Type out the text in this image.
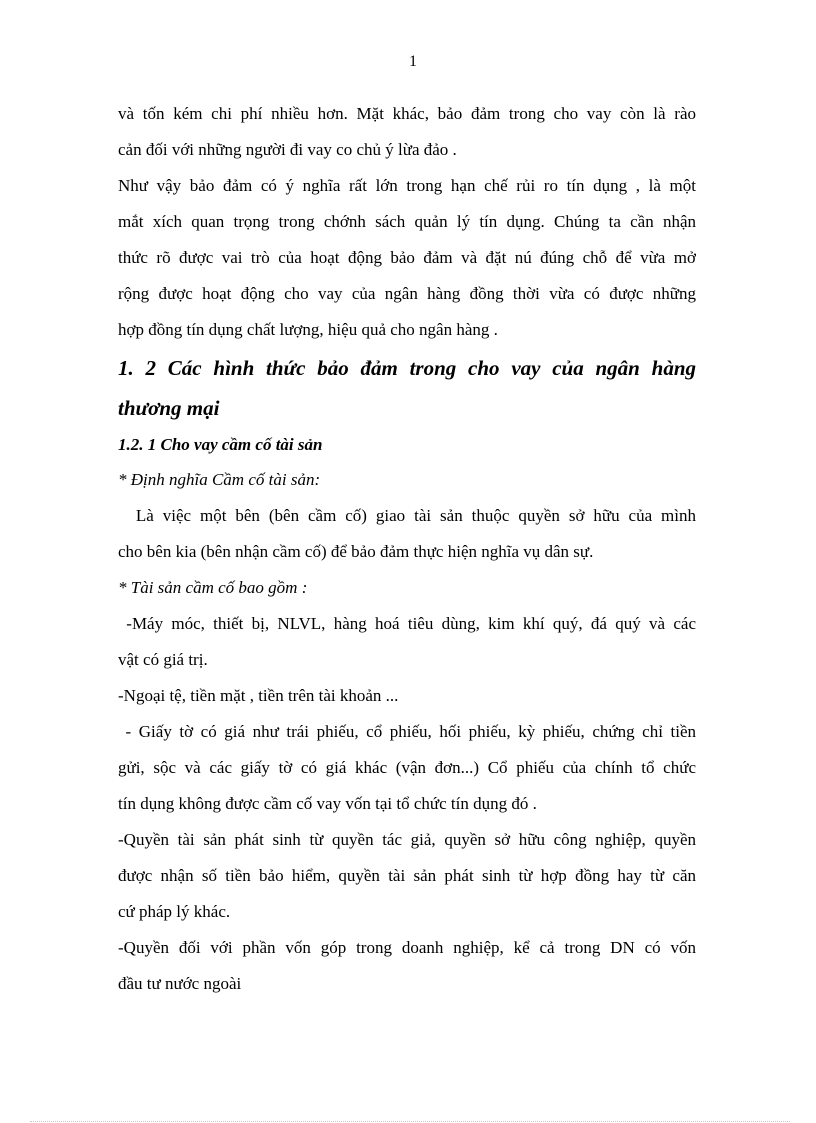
1
và tốn kém chi phí nhiều hơn. Mặt khác, bảo đảm trong cho vay còn là rào
cản đối với những người đi vay co chủ ý lừa đảo .
Như vậy bảo đảm có ý nghĩa rất lớn trong hạn chế rủi ro tín dụng , là một
mắt xích quan trọng trong chớnh sách quản lý tín dụng. Chúng ta cần nhận
thức rõ được vai trò của hoạt động bảo đảm và đặt nú đúng chỗ để vừa mở
rộng được hoạt động cho vay của ngân hàng đồng thời vừa có được những
hợp đồng tín dụng chất lượng, hiệu quả cho ngân hàng .
1. 2 Các hình thức bảo đảm trong cho vay của ngân hàng
thương mại
1.2. 1 Cho vay cầm cố tài sản
* Định nghĩa Cầm cố tài sản:
Là việc một bên (bên cầm cố) giao tài sản thuộc quyền sở hữu của mình
cho bên kia (bên nhận cầm cố) để bảo đảm thực hiện nghĩa vụ dân sự.
* Tài sản cầm cố bao gồm :
-Máy móc, thiết bị, NLVL, hàng hoá tiêu dùng, kim khí quý, đá quý và các
vật có giá trị.
-Ngoại tệ, tiền mặt , tiền trên tài khoản ...
- Giấy tờ có giá như trái phiếu, cổ phiếu, hối phiếu, kỳ phiếu, chứng chỉ tiền
gửi, sộc và các giấy tờ có giá khác (vận đơn...) Cổ phiếu của chính tổ chức
tín dụng không được cầm cố vay vốn tại tổ chức tín dụng đó .
-Quyền tài sản phát sinh từ quyền tác giả, quyền sở hữu công nghiệp, quyền
được nhận số tiền bảo hiểm, quyền tài sản phát sinh từ hợp đồng hay từ căn
cứ pháp lý khác.
-Quyền đối với phần vốn góp trong doanh nghiệp, kể cả trong DN có vốn
đầu tư nước ngoài
